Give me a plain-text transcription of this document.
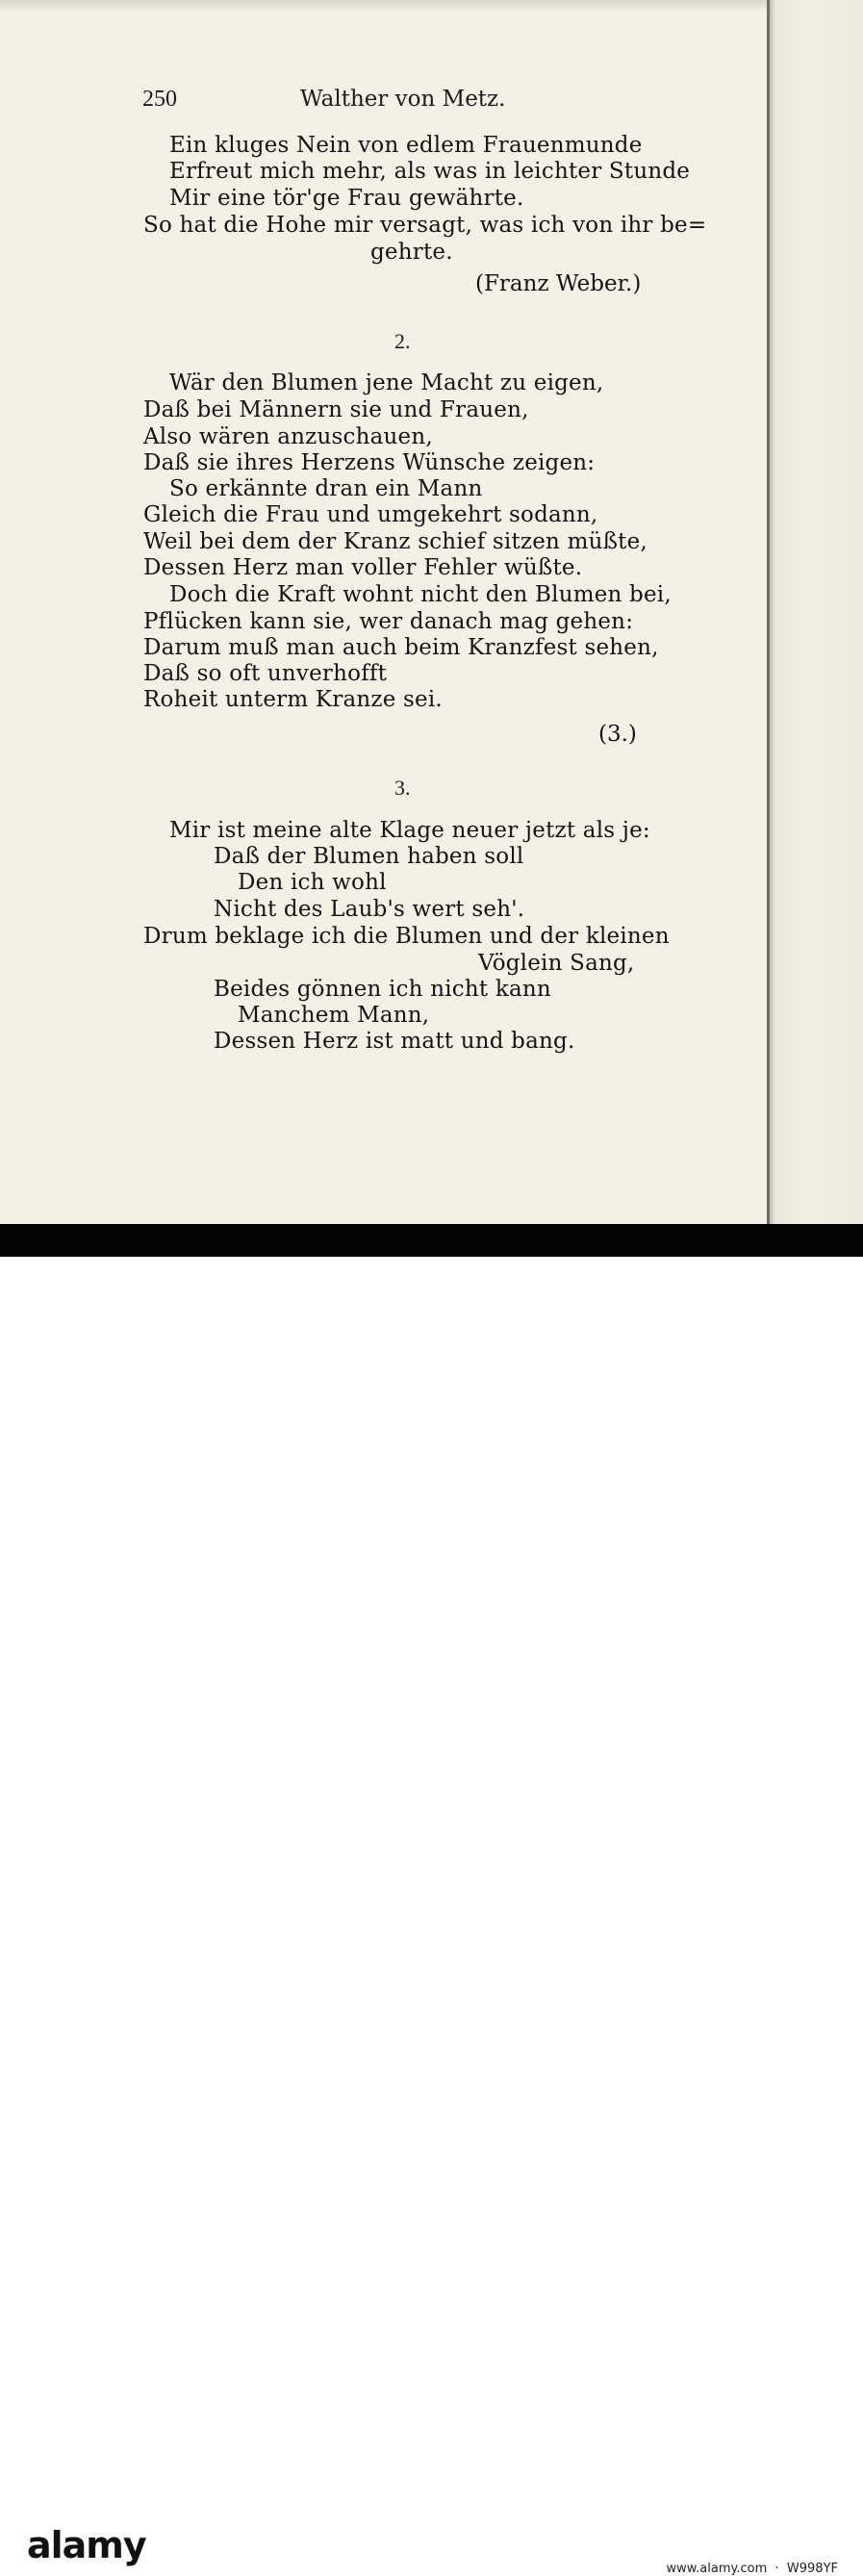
250	Walther von Metz.
Ein kluges Nein von edlem Frauenmunde
Erfreut mich mehr, als was in leichter Stunde
Mir eine tör'ge Frau gewährte.
So hat die Hohe mir versagt, was ich von ihr be=
gehrte.
(Franz Weber.)
2.
Wär den Blumen jene Macht zu eigen,
Daß bei Männern sie und Frauen,
Also wären anzuschauen,
Daß sie ihres Herzens Wünsche zeigen:
So erkännte dran ein Mann
Gleich die Frau und umgekehrt sodann,
Weil bei dem der Kranz schief sitzen müßte,
Dessen Herz man voller Fehler wüßte.
Doch die Kraft wohnt nicht den Blumen bei,
Pflücken kann sie, wer danach mag gehen:
Darum muß man auch beim Kranzfest sehen,
Daß so oft unverhofft
Roheit unterm Kranze sei.
(3.)
3.
Mir ist meine alte Klage neuer jetzt als je:
Daß der Blumen haben soll
Den ich wohl
Nicht des Laub's wert seh'.
Drum beklage ich die Blumen und der kleinen
Vöglein Sang,
Beides gönnen ich nicht kann
Manchem Mann,
Dessen Herz ist matt und bang.
alamy
www.alamy.com  ·  W998YF
